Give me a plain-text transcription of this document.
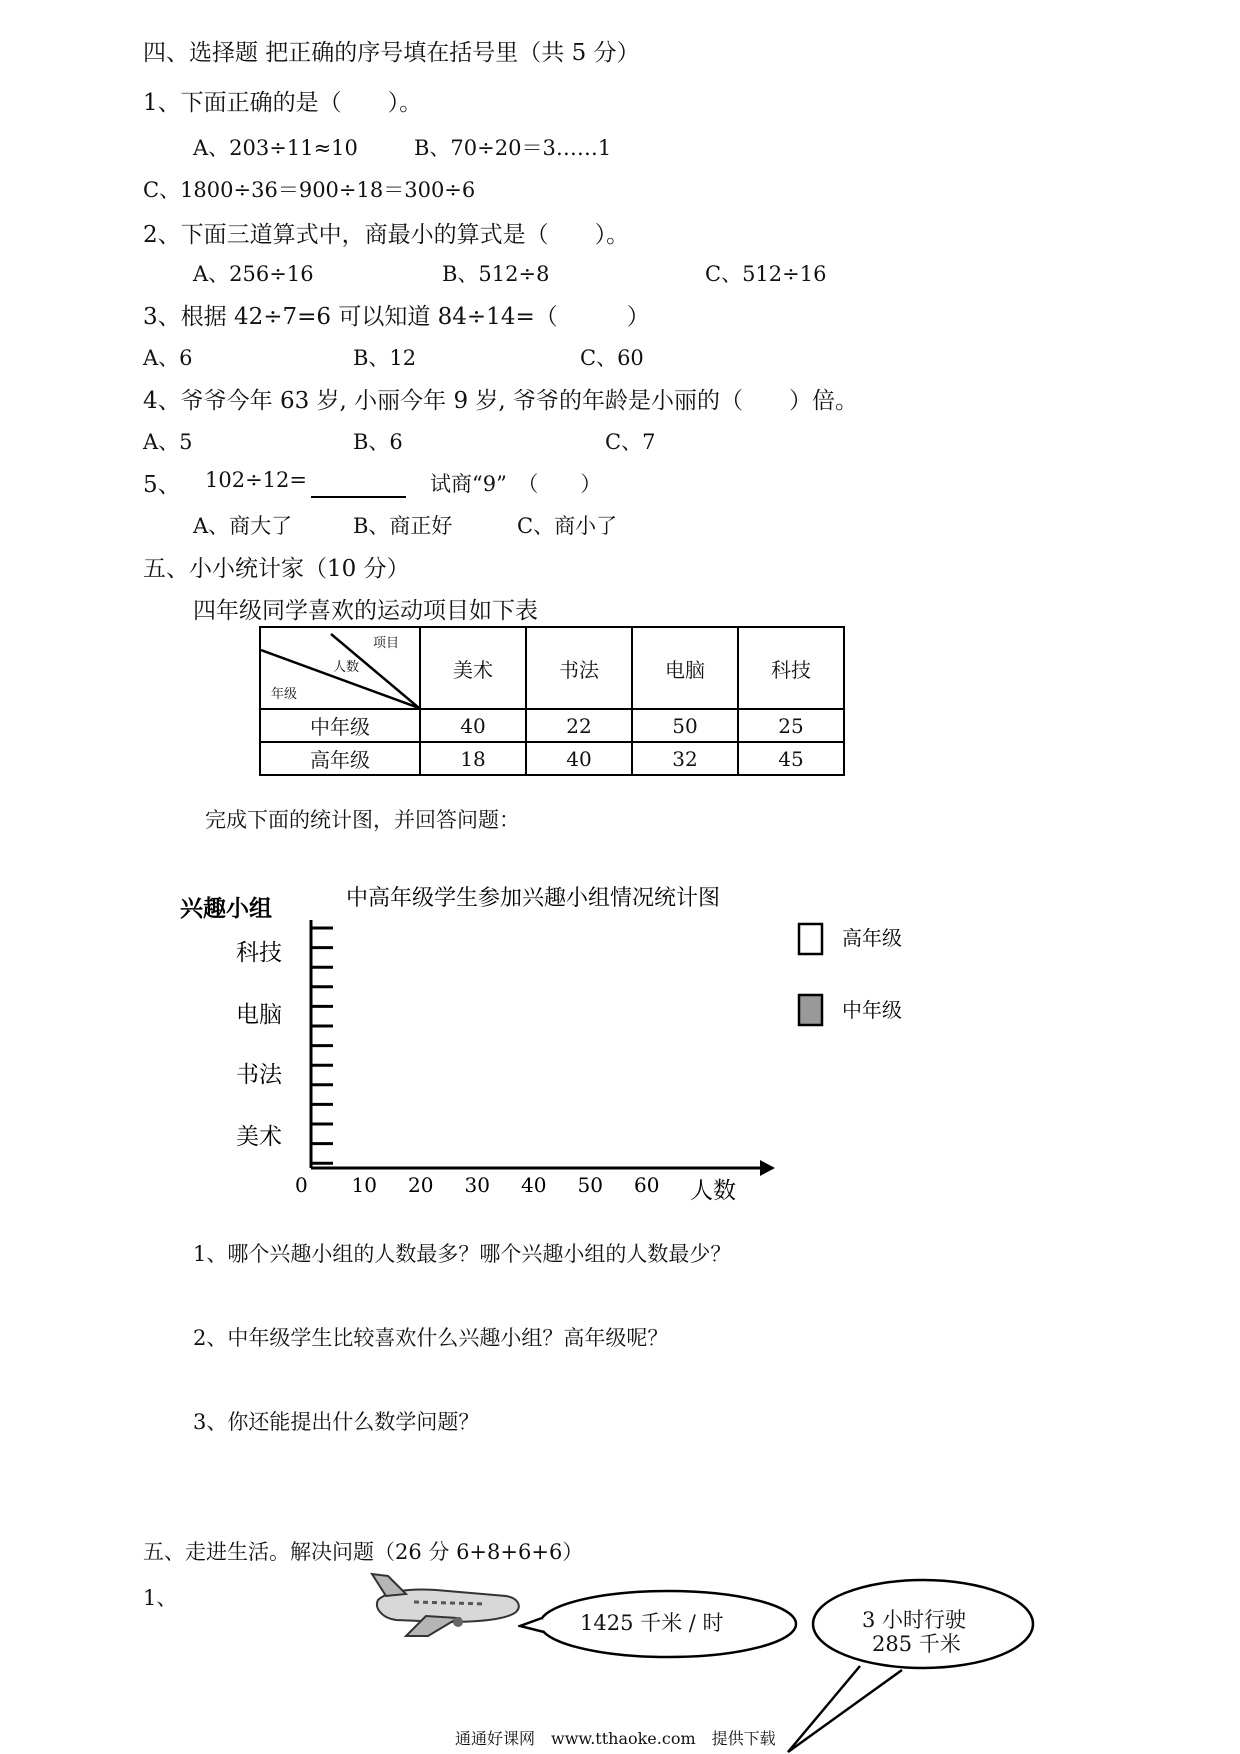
四、选择题 把正确的序号填在括号里（共 5 分）
1、下面正确的是（　　）。
A、203÷11≈10	B、70÷20＝3……1
C、1800÷36＝900÷18＝300÷6
2、下面三道算式中，商最小的算式是（　　）。
A、256÷16	B、512÷8	C、512÷16
3、根据 42÷7=6 可以知道 84÷14=（　　　）
A、6	B、12	C、60
4、爷爷今年 63 岁, 小丽今年 9 岁, 爷爷的年龄是小丽的（　　）倍。
A、5	B、6	C、7
5、 102÷12=	试商“9”　（　　）
A、商大了	B、商正好	C、商小了
五、小小统计家（10 分）
四年级同学喜欢的运动项目如下表
项目
人数
年级	美术	书法	电脑	科技
中年级	40	22	50	25
高年级	18	40	32	45
完成下面的统计图，并回答问题：
中高年级学生参加兴趣小组情况统计图
兴趣小组
科技
电脑
书法
美术
0 10 20 30 40 50 60 人数
高年级
中年级
1、哪个兴趣小组的人数最多？哪个兴趣小组的人数最少？
2、中年级学生比较喜欢什么兴趣小组？高年级呢？
3、你还能提出什么数学问题？
五、走进生活。解决问题（26 分 6+8+6+6）
1、
1425 千米 / 时	3 小时行驶
285 千米
通通好课网　www.tthaoke.com　提供下载
